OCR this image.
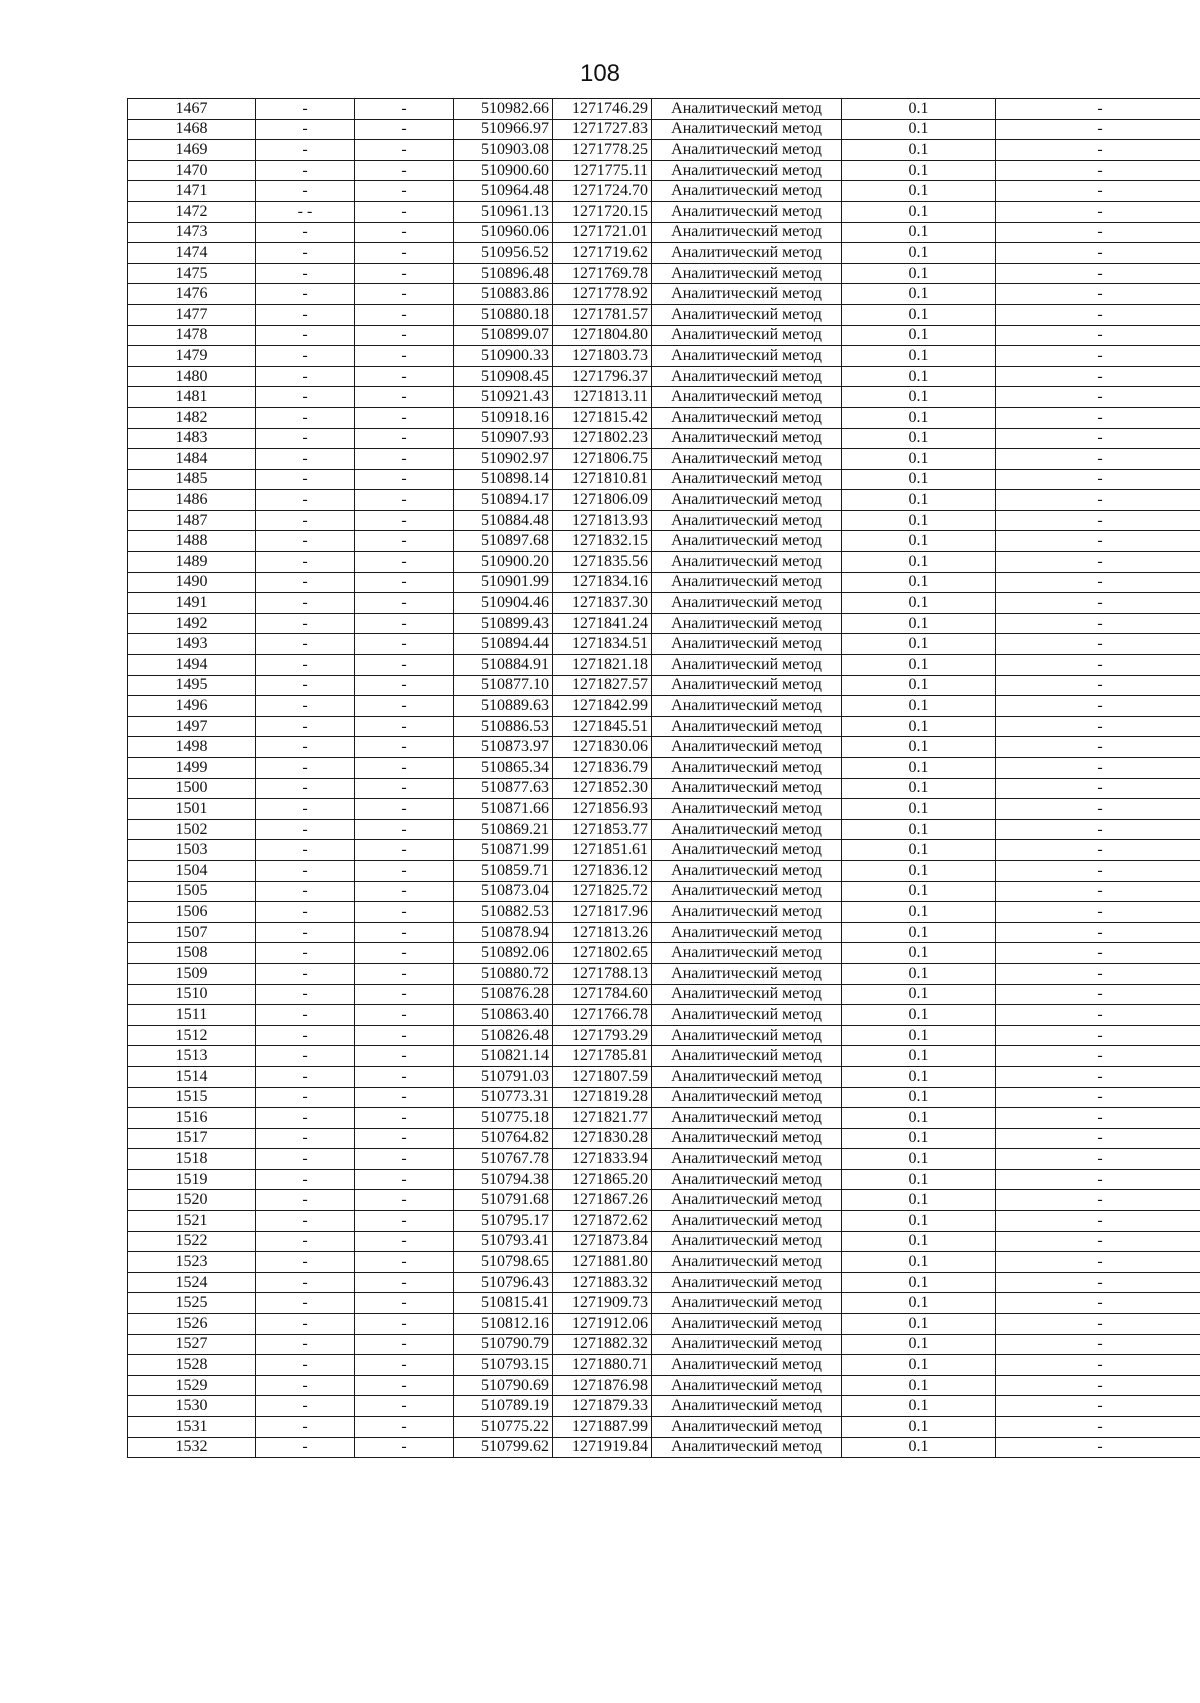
108
1467	-	-	510982.66	1271746.29	Аналитический метод	0.1	-
1468	-	-	510966.97	1271727.83	Аналитический метод	0.1	-
1469	-	-	510903.08	1271778.25	Аналитический метод	0.1	-
1470	-	-	510900.60	1271775.11	Аналитический метод	0.1	-
1471	-	-	510964.48	1271724.70	Аналитический метод	0.1	-
1472	- -	-	510961.13	1271720.15	Аналитический метод	0.1	-
1473	-	-	510960.06	1271721.01	Аналитический метод	0.1	-
1474	-	-	510956.52	1271719.62	Аналитический метод	0.1	-
1475	-	-	510896.48	1271769.78	Аналитический метод	0.1	-
1476	-	-	510883.86	1271778.92	Аналитический метод	0.1	-
1477	-	-	510880.18	1271781.57	Аналитический метод	0.1	-
1478	-	-	510899.07	1271804.80	Аналитический метод	0.1	-
1479	-	-	510900.33	1271803.73	Аналитический метод	0.1	-
1480	-	-	510908.45	1271796.37	Аналитический метод	0.1	-
1481	-	-	510921.43	1271813.11	Аналитический метод	0.1	-
1482	-	-	510918.16	1271815.42	Аналитический метод	0.1	-
1483	-	-	510907.93	1271802.23	Аналитический метод	0.1	-
1484	-	-	510902.97	1271806.75	Аналитический метод	0.1	-
1485	-	-	510898.14	1271810.81	Аналитический метод	0.1	-
1486	-	-	510894.17	1271806.09	Аналитический метод	0.1	-
1487	-	-	510884.48	1271813.93	Аналитический метод	0.1	-
1488	-	-	510897.68	1271832.15	Аналитический метод	0.1	-
1489	-	-	510900.20	1271835.56	Аналитический метод	0.1	-
1490	-	-	510901.99	1271834.16	Аналитический метод	0.1	-
1491	-	-	510904.46	1271837.30	Аналитический метод	0.1	-
1492	-	-	510899.43	1271841.24	Аналитический метод	0.1	-
1493	-	-	510894.44	1271834.51	Аналитический метод	0.1	-
1494	-	-	510884.91	1271821.18	Аналитический метод	0.1	-
1495	-	-	510877.10	1271827.57	Аналитический метод	0.1	-
1496	-	-	510889.63	1271842.99	Аналитический метод	0.1	-
1497	-	-	510886.53	1271845.51	Аналитический метод	0.1	-
1498	-	-	510873.97	1271830.06	Аналитический метод	0.1	-
1499	-	-	510865.34	1271836.79	Аналитический метод	0.1	-
1500	-	-	510877.63	1271852.30	Аналитический метод	0.1	-
1501	-	-	510871.66	1271856.93	Аналитический метод	0.1	-
1502	-	-	510869.21	1271853.77	Аналитический метод	0.1	-
1503	-	-	510871.99	1271851.61	Аналитический метод	0.1	-
1504	-	-	510859.71	1271836.12	Аналитический метод	0.1	-
1505	-	-	510873.04	1271825.72	Аналитический метод	0.1	-
1506	-	-	510882.53	1271817.96	Аналитический метод	0.1	-
1507	-	-	510878.94	1271813.26	Аналитический метод	0.1	-
1508	-	-	510892.06	1271802.65	Аналитический метод	0.1	-
1509	-	-	510880.72	1271788.13	Аналитический метод	0.1	-
1510	-	-	510876.28	1271784.60	Аналитический метод	0.1	-
1511	-	-	510863.40	1271766.78	Аналитический метод	0.1	-
1512	-	-	510826.48	1271793.29	Аналитический метод	0.1	-
1513	-	-	510821.14	1271785.81	Аналитический метод	0.1	-
1514	-	-	510791.03	1271807.59	Аналитический метод	0.1	-
1515	-	-	510773.31	1271819.28	Аналитический метод	0.1	-
1516	-	-	510775.18	1271821.77	Аналитический метод	0.1	-
1517	-	-	510764.82	1271830.28	Аналитический метод	0.1	-
1518	-	-	510767.78	1271833.94	Аналитический метод	0.1	-
1519	-	-	510794.38	1271865.20	Аналитический метод	0.1	-
1520	-	-	510791.68	1271867.26	Аналитический метод	0.1	-
1521	-	-	510795.17	1271872.62	Аналитический метод	0.1	-
1522	-	-	510793.41	1271873.84	Аналитический метод	0.1	-
1523	-	-	510798.65	1271881.80	Аналитический метод	0.1	-
1524	-	-	510796.43	1271883.32	Аналитический метод	0.1	-
1525	-	-	510815.41	1271909.73	Аналитический метод	0.1	-
1526	-	-	510812.16	1271912.06	Аналитический метод	0.1	-
1527	-	-	510790.79	1271882.32	Аналитический метод	0.1	-
1528	-	-	510793.15	1271880.71	Аналитический метод	0.1	-
1529	-	-	510790.69	1271876.98	Аналитический метод	0.1	-
1530	-	-	510789.19	1271879.33	Аналитический метод	0.1	-
1531	-	-	510775.22	1271887.99	Аналитический метод	0.1	-
1532	-	-	510799.62	1271919.84	Аналитический метод	0.1	-
